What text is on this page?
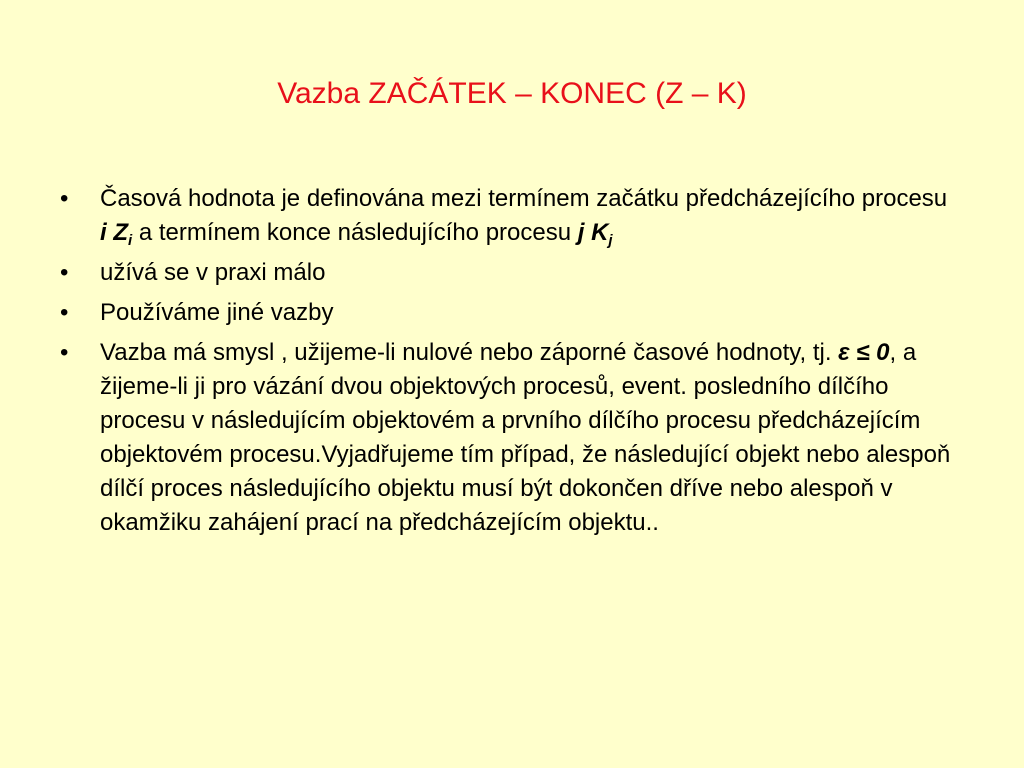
Vazba ZAČÁTEK – KONEC (Z – K)
•	Časová hodnota je definována mezi termínem začátku předcházejícího procesu i $Z_i$ a termínem konce následujícího procesu j $K_j$
•	užívá se v praxi málo
•	Používáme jiné vazby
•	Vazba má smysl , užijeme-li nulové nebo záporné časové hodnoty, tj. ε ≤ 0, a žijeme-li ji pro vázání dvou objektových procesů, event. posledního dílčího procesu v následujícím objektovém a prvního dílčího procesu předcházejícím objektovém procesu.Vyjadřujeme tím případ, že následující objekt nebo alespoň dílčí proces následujícího objektu musí být dokončen dříve nebo alespoň v okamžiku zahájení prací na předcházejícím objektu..
